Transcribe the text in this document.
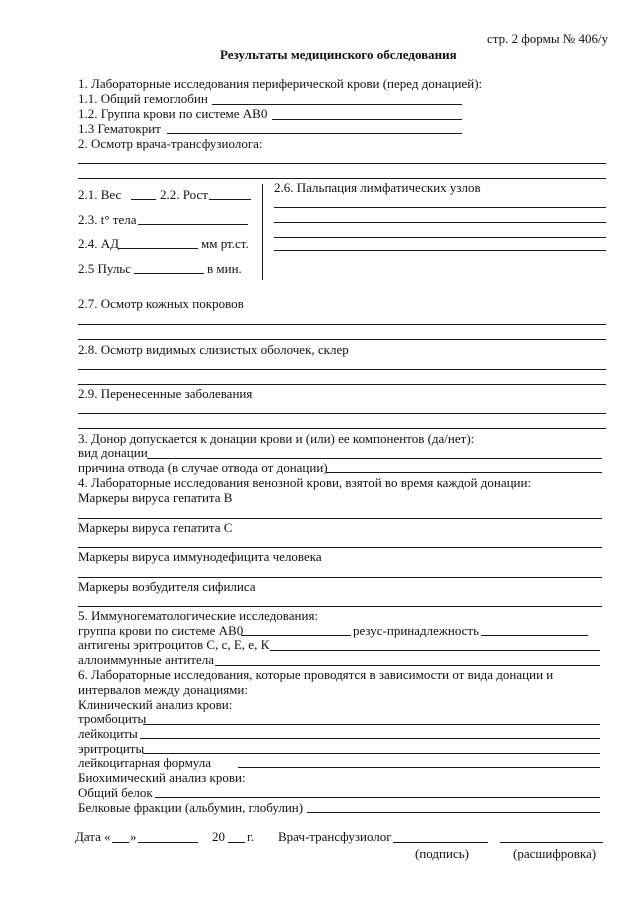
стр. 2 формы № 406/у
Результаты медицинского обследования
1. Лабораторные исследования периферической крови (перед донацией):
1.1. Общий гемоглобин
1.2. Группа крови по системе АВ0
1.3 Гематокрит
2. Осмотр врача-трансфузиолога:
2.1. Вес	2.2. Рост	2.6. Пальпация лимфатических узлов
2.3. t° тела
2.4. АД	мм рт.ст.
2.5 Пульс	в мин.
2.7. Осмотр кожных покровов
2.8. Осмотр видимых слизистых оболочек, склер
2.9. Перенесенные заболевания
3. Донор допускается к донации крови и (или) ее компонентов (да/нет):
вид донации
причина отвода (в случае отвода от донации)
4. Лабораторные исследования венозной крови, взятой во время каждой донации:
Маркеры вируса гепатита В
Маркеры вируса гепатита С
Маркеры вируса иммунодефицита человека
Маркеры возбудителя сифилиса
5. Иммуногематологические исследования:
группа крови по системе АВ0	резус-принадлежность
антигены эритроцитов С, с, Е, е, К
аллоиммунные антитела
6. Лабораторные исследования, которые проводятся в зависимости от вида донации и
интервалов между донациями:
Клинический анализ крови:
тромбоциты
лейкоциты
эритроциты
лейкоцитарная формула
Биохимический анализ крови:
Общий белок
Белковые фракции (альбумин, глобулин)
Дата « »	20 г. Врач-трансфузиолог
(подпись)	(расшифровка)
